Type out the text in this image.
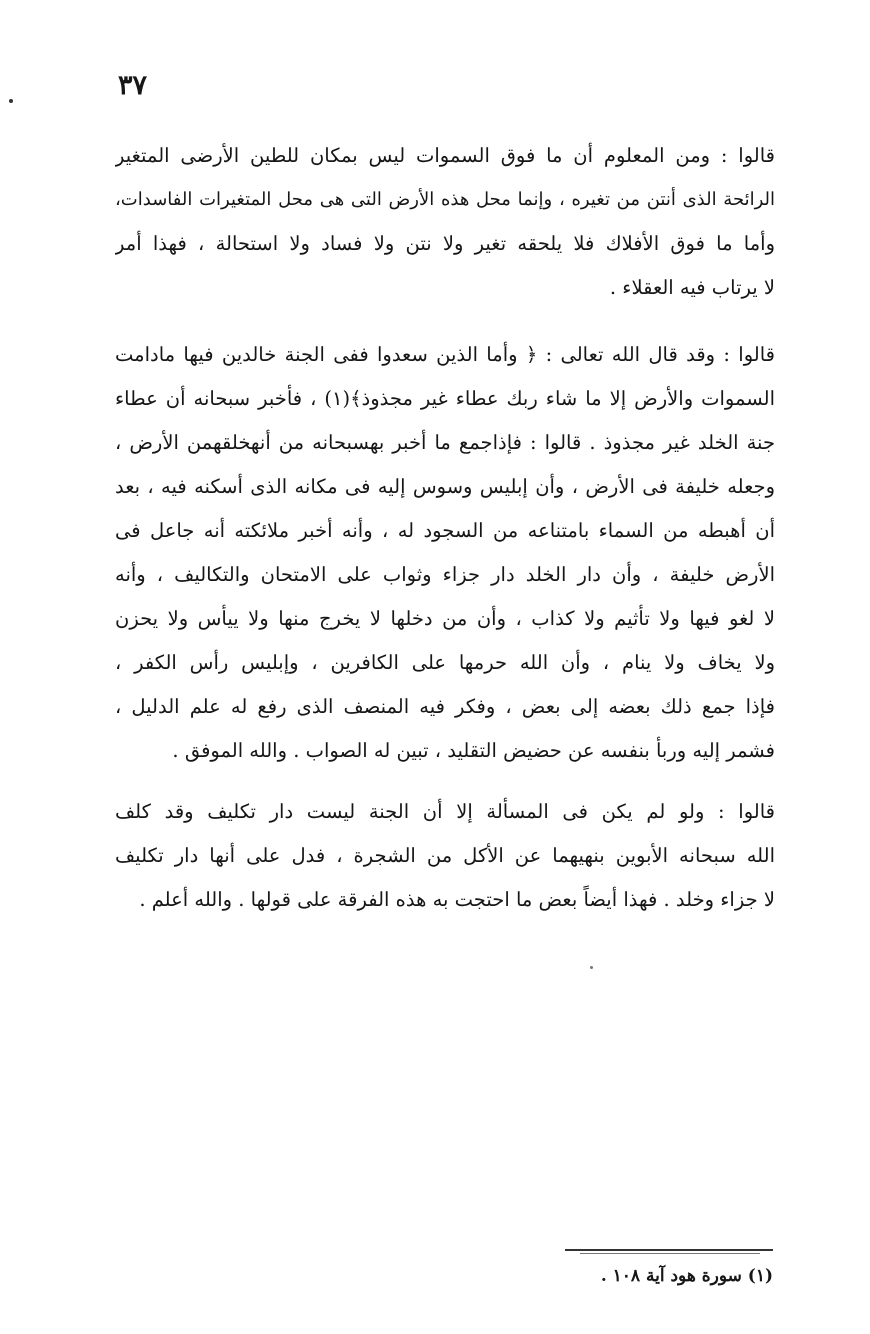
٣٧
قالوا : ومن المعلوم أن ما فوق السموات ليس بمكان للطين الأرضى المتغير
الرائحة الذى أنتن من تغيره ، وإنما محل هذه الأرض التى هى محل المتغيرات الفاسدات،
وأما ما فوق الأفلاك فلا يلحقه تغير ولا نتن ولا فساد ولا استحالة ، فهذا أمر
لا يرتاب فيه العقلاء .
قالوا : وقد قال الله تعالى : ﴿ وأما الذين سعدوا ففى الجنة خالدين فيها مادامت
السموات والأرض إلا ما شاء ربك عطاء غير مجذوذ﴾(١) ، فأخبر سبحانه أن عطاء
جنة الخلد غير مجذوذ . قالوا : فإذاجمع ما أخبر بهسبحانه من أنهخلقهمن الأرض ،
وجعله خليفة فى الأرض ، وأن إبليس وسوس إليه فى مكانه الذى أسكنه فيه ، بعد
أن أهبطه من السماء بامتناعه من السجود له ، وأنه أخبر ملائكته أنه جاعل فى
الأرض خليفة ، وأن دار الخلد دار جزاء وثواب على الامتحان والتكاليف ، وأنه
لا لغو فيها ولا تأثيم ولا كذاب ، وأن من دخلها لا يخرج منها ولا ييأس ولا يحزن
ولا يخاف ولا ينام ، وأن الله حرمها على الكافرين ، وإبليس رأس الكفر ،
فإذا جمع ذلك بعضه إلى بعض ، وفكر فيه المنصف الذى رفع له علم الدليل ،
فشمر إليه وربأ بنفسه عن حضيض التقليد ، تبين له الصواب . والله الموفق .
قالوا : ولو لم يكن فى المسألة إلا أن الجنة ليست دار تكليف وقد كلف
الله سبحانه الأبوين بنهيهما عن الأكل من الشجرة ، فدل على أنها دار تكليف
لا جزاء وخلد . فهذا أيضاً بعض ما احتجت به هذه الفرقة على قولها . والله أعلم .
(١) سورة هود آية ١٠٨ .
